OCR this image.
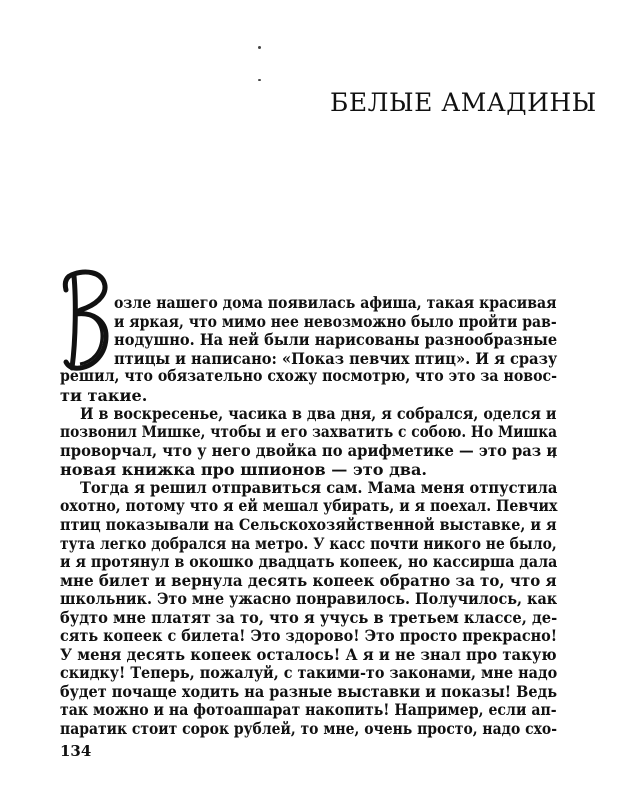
БЕЛЫЕ АМАДИНЫ
озле нашего дома появилась афиша, такая красивая
и яркая, что мимо нее невозможно было пройти рав-
нодушно. На ней были нарисованы разнообразные
птицы и написано: «Показ певчих птиц». И я сразу
решил, что обязательно схожу посмотрю, что это за новос-
ти такие.
И в воскресенье, часика в два дня, я собрался, оделся и
позвонил Мишке, чтобы и его захватить с собою. Но Мишка
проворчал, что у него двойка по арифметике — это раз и
новая книжка про шпионов — это два.
Тогда я решил отправиться сам. Мама меня отпустила
охотно, потому что я ей мешал убирать, и я поехал. Певчих
птиц показывали на Сельскохозяйственной выставке, и я
тута легко добрался на метро. У касс почти никого не было,
и я протянул в окошко двадцать копеек, но кассирша дала
мне билет и вернула десять копеек обратно за то, что я
школьник. Это мне ужасно понравилось. Получилось, как
будто мне платят за то, что я учусь в третьем классе, де-
сять копеек с билета! Это здорово! Это просто прекрасно!
У меня десять копеек осталось! А я и не знал про такую
скидку! Теперь, пожалуй, с такими-то законами, мне надо
будет почаще ходить на разные выставки и показы! Ведь
так можно и на фотоаппарат накопить! Например, если ап-
паратик стоит сорок рублей, то мне, очень просто, надо схо-
134
